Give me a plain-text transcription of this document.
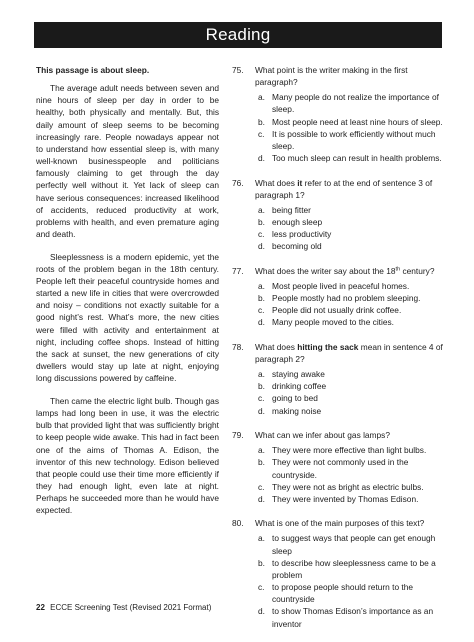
Reading

This passage is about sleep.

The average adult needs between seven and nine hours of sleep per day in order to be healthy, both physically and mentally. But, this daily amount of sleep seems to be becoming increasingly rare. People nowadays appear not to understand how essential sleep is, with many well-known businesspeople and politicians famously claiming to get through the day perfectly well without it. Yet lack of sleep can have serious consequences: increased likelihood of accidents, reduced productivity at work, problems with health, and even premature aging and death.

Sleeplessness is a modern epidemic, yet the roots of the problem began in the 18th century. People left their peaceful countryside homes and started a new life in cities that were overcrowded and noisy – conditions not exactly suitable for a good night’s rest. What’s more, the new cities were filled with activity and entertainment at night, including coffee shops. Instead of hitting the sack at sunset, the new generations of city dwellers would stay up late at night, enjoying long discussions powered by caffeine.

Then came the electric light bulb. Though gas lamps had long been in use, it was the electric bulb that provided light that was sufficiently bright to keep people wide awake. This had in fact been one of the aims of Thomas A. Edison, the inventor of this new technology. Edison believed that people could use their time more efficiently if they had enough light, even late at night. Perhaps he succeeded more than he would have expected.

75. What point is the writer making in the first paragraph?
a. Many people do not realize the importance of sleep.
b. Most people need at least nine hours of sleep.
c. It is possible to work efficiently without much sleep.
d. Too much sleep can result in health problems.
76. What does it refer to at the end of sentence 3 of paragraph 1?
a. being fitter
b. enough sleep
c. less productivity
d. becoming old
77. What does the writer say about the 18th century?
a. Most people lived in peaceful homes.
b. People mostly had no problem sleeping.
c. People did not usually drink coffee.
d. Many people moved to the cities.
78. What does hitting the sack mean in sentence 4 of paragraph 2?
a. staying awake
b. drinking coffee
c. going to bed
d. making noise
79. What can we infer about gas lamps?
a. They were more effective than light bulbs.
b. They were not commonly used in the countryside.
c. They were not as bright as electric bulbs.
d. They were invented by Thomas Edison.
80. What is one of the main purposes of this text?
a. to suggest ways that people can get enough sleep
b. to describe how sleeplessness came to be a problem
c. to propose people should return to the countryside
d. to show Thomas Edison’s importance as an inventor
22 ECCE Screening Test (Revised 2021 Format)
